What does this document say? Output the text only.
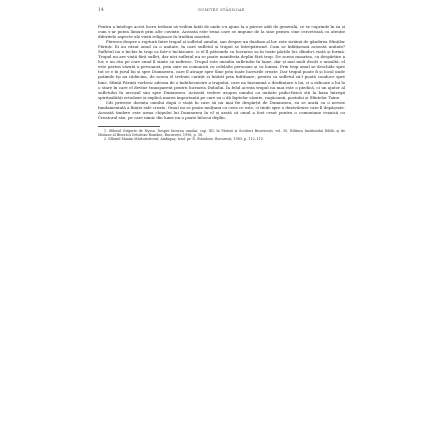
14	DUMITRU STĂNILOAE

Pentru a înțelege acest lucru trebuie să vedem întâi de unde s-a ajuns la o părere atât de generală, ce se cuprinde în ea și cum s-ar putea lămuri prin alte cuvinte. Aceasta este tema care se impune de la sine pentru cine cercetează cu atenție diferitele aspecte ale vieții religioase în tradiția noastră.

Părerea despre o ruptură între trupul și sufletul omului, sau despre un dualism al lor, este străină de gândirea Sfinților Părinți. Ei au văzut omul ca o unitate, în care sufletul și trupul se întrepătrund. Cum se înfățișează această unitate? Sufletul nu e închis în trup ca într-o închisoare, ci el îl pătrunde cu lucrarea sa în toate părțile lui, dându-i viață și formă. Trupul nu are viață fără suflet, dar nici sufletul nu se poate manifesta deplin fără trup. De aceea moartea, ca despărțire a lor, e un rău pe care omul îl simte ca nefiresc. Trupul este unealta sufletului în lume, dar și mai mult decât o unealtă: el este partea văzută a persoanei, prin care ea comunică cu celelalte persoane și cu lumea. Prin trup omul se deschide spre tot ce e în jurul lui și spre Dumnezeu, care îl atrage spre Sine prin toate lucrurile create. Dar trupul poate fi și locul unde patimile își au rădăcina, de aceea el trebuie curățit și întărit prin înfrânare, pentru ca sufletul să-l poată conduce spre bine. Sfinții Părinți vorbesc adesea de o înduhovnicire a trupului, care nu înseamnă o desființare a lui, ci o ridicare a lui la o stare în care el devine transparent pentru lucrarea Duhului. În felul acesta trupul nu mai este o piedică, ci un ajutor al sufletului în urcușul său spre Dumnezeu. Această vedere asupra omului ca unitate psiho-fizică stă la baza întregii spiritualități ortodoxe și explică marea importanță pe care ea o dă faptelor văzute, rugăciunii, postului și Sfintelor Taine.

Cât privește dorința omului după o viață în care să nu mai fie despărțit de Dumnezeu, ea se arată ca o nevoie fundamentală a ființei sale create. Omul nu se poate mulțumi cu ceea ce este, ci tinde spre o desăvârșire care îl depășește. Această tindere este urma chipului lui Dumnezeu în el și arată că omul a fost creat pentru o comuniune veșnică cu Creatorul său, pe care nimic din lume nu o poate înlocui deplin.

1. Sfântul Grigorie de Nyssa, Despre facerea omului, cap. XII, în Părinți și Scriitori Bisericești, vol. 30, Editura Institutului Biblic și de Misiune al Bisericii Ortodoxe Române, București, 1998, p. 38.

2. Sfântul Maxim Mărturisitorul, Ambigua, trad. pr. D. Stăniloae, București, 1983, p. 112–115.
